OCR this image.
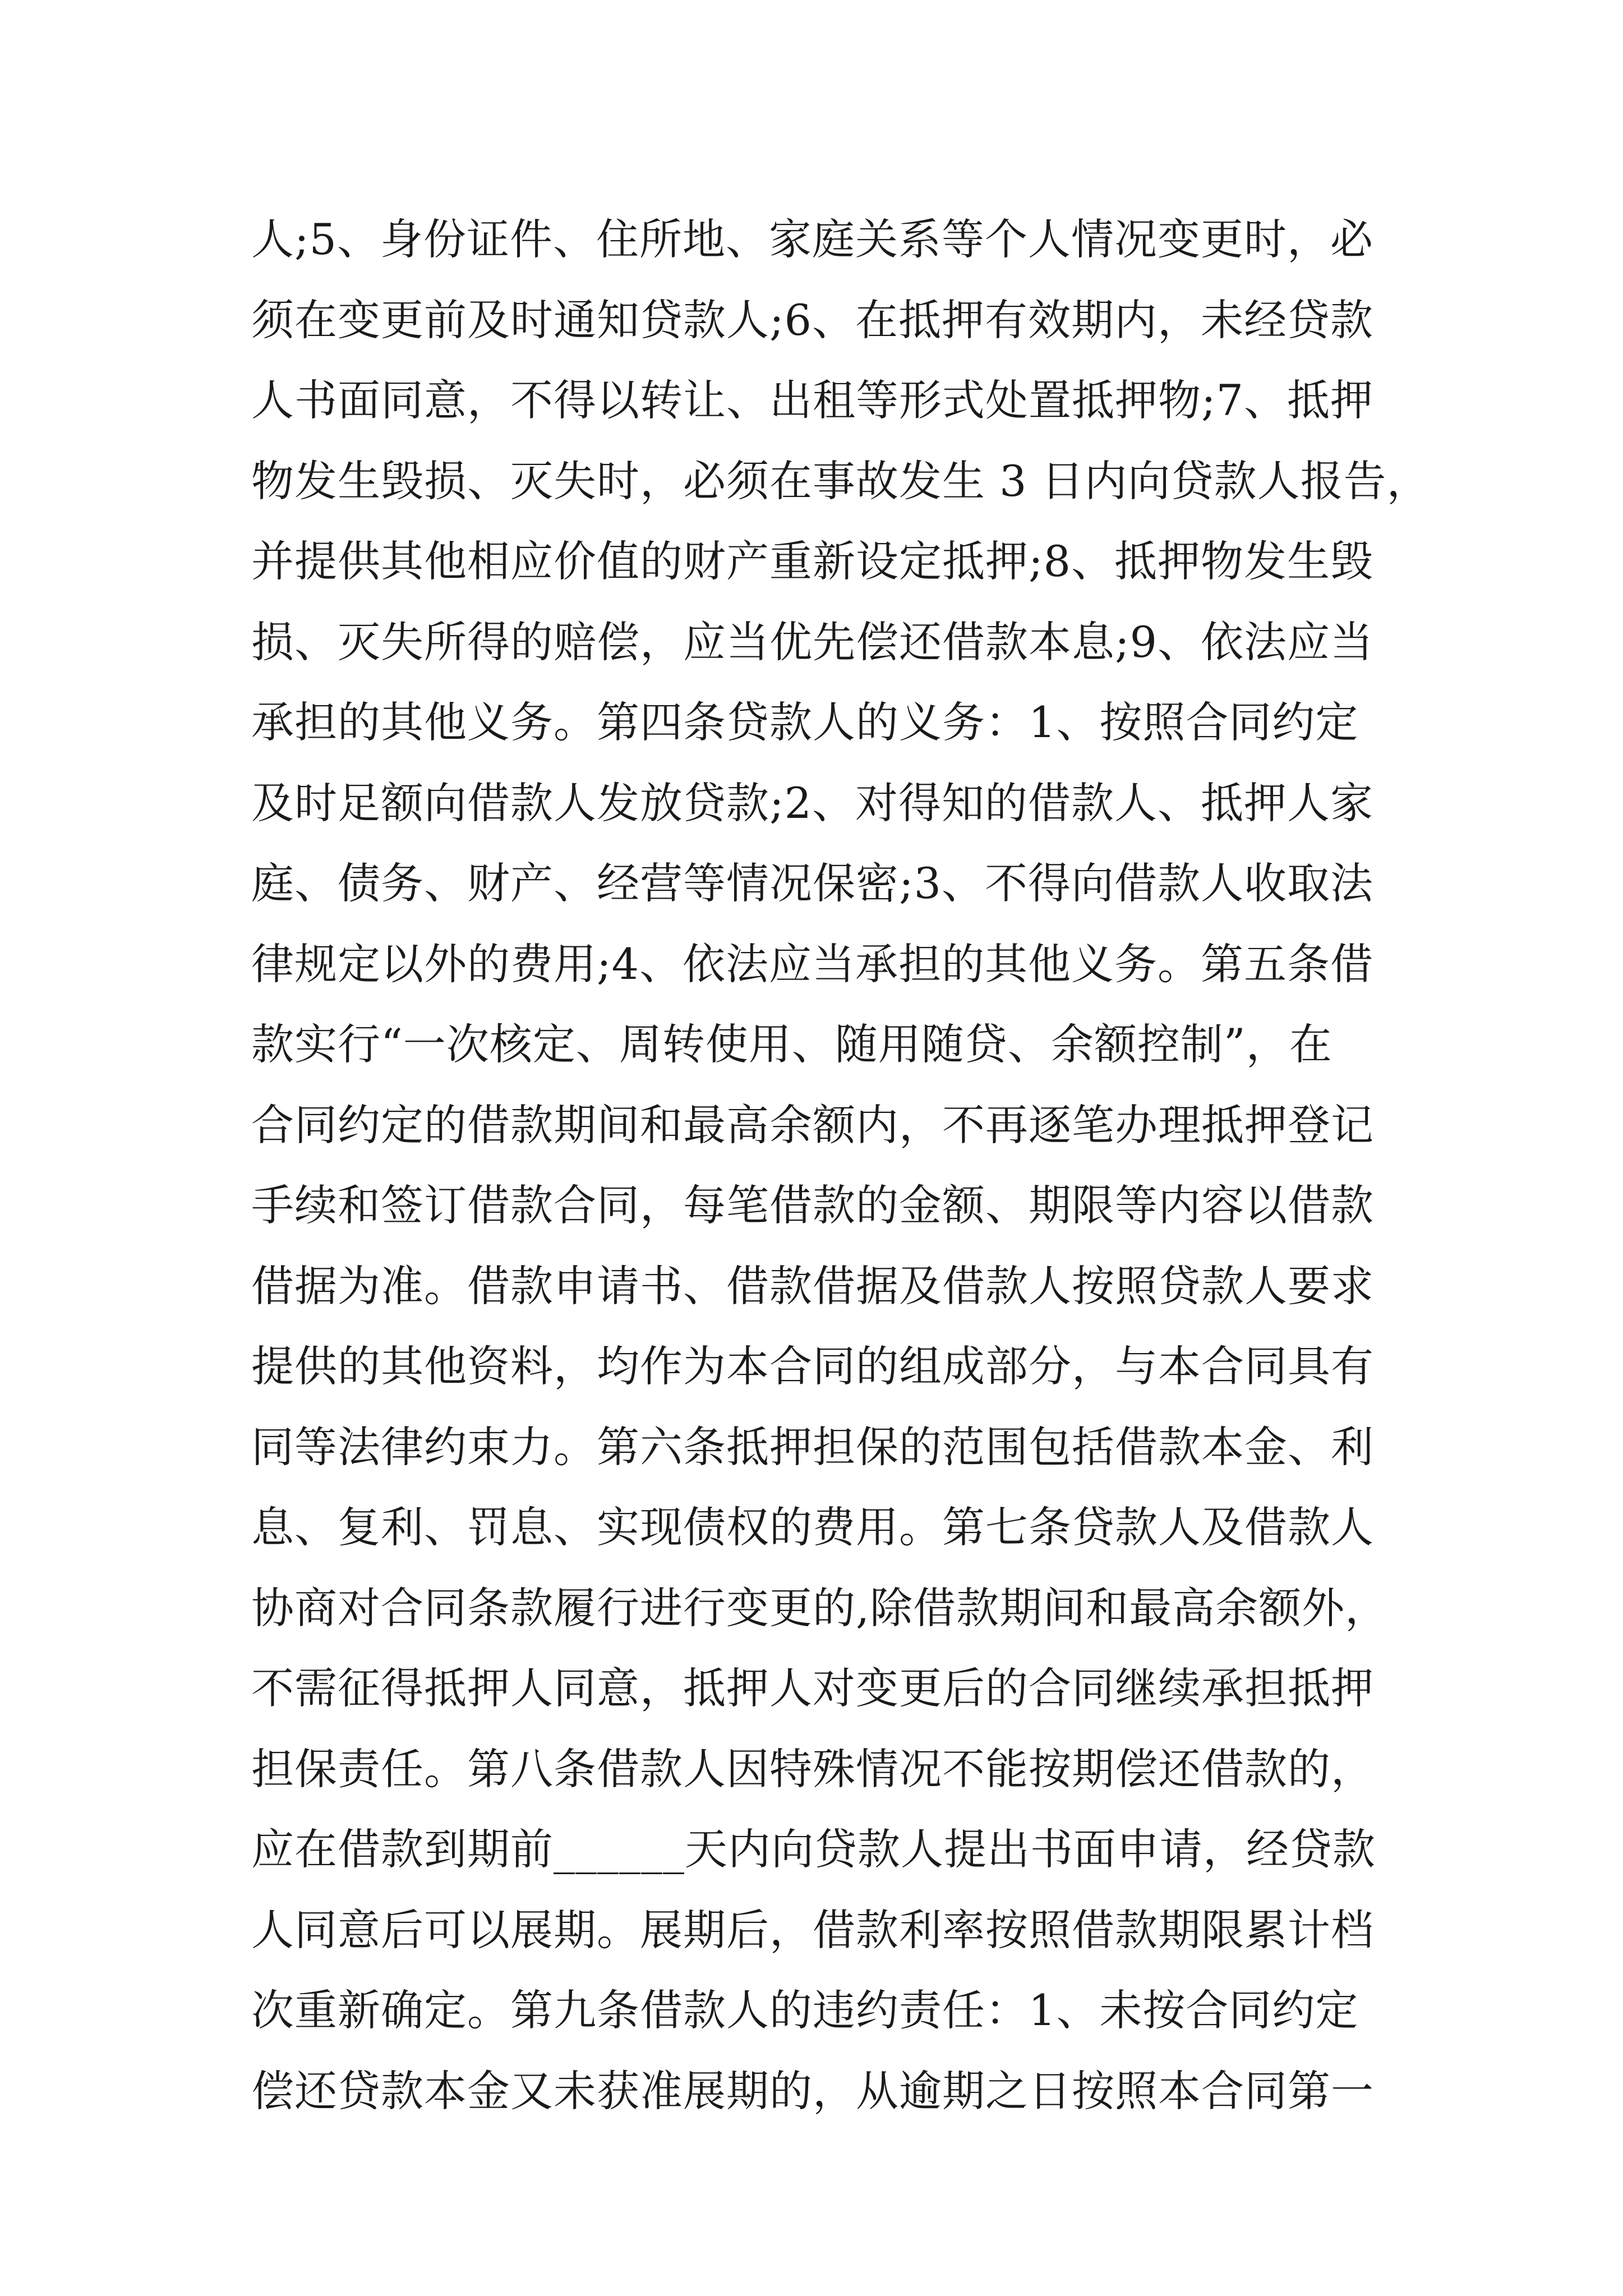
人;5、身份证件、住所地、家庭关系等个人情况变更时，必
须在变更前及时通知贷款人;6、在抵押有效期内，未经贷款
人书面同意，不得以转让、出租等形式处置抵押物;7、抵押
物发生毁损、灭失时，必须在事故发生 3 日内向贷款人报告，
并提供其他相应价值的财产重新设定抵押;8、抵押物发生毁
损、灭失所得的赔偿，应当优先偿还借款本息;9、依法应当
承担的其他义务。第四条贷款人的义务：1、按照合同约定
及时足额向借款人发放贷款;2、对得知的借款人、抵押人家
庭、债务、财产、经营等情况保密;3、不得向借款人收取法
律规定以外的费用;4、依法应当承担的其他义务。第五条借
款实行“一次核定、周转使用、随用随贷、余额控制”，在
合同约定的借款期间和最高余额内，不再逐笔办理抵押登记
手续和签订借款合同，每笔借款的金额、期限等内容以借款
借据为准。借款申请书、借款借据及借款人按照贷款人要求
提供的其他资料，均作为本合同的组成部分，与本合同具有
同等法律约束力。第六条抵押担保的范围包括借款本金、利
息、复利、罚息、实现债权的费用。第七条贷款人及借款人
协商对合同条款履行进行变更的,除借款期间和最高余额外，
不需征得抵押人同意，抵押人对变更后的合同继续承担抵押
担保责任。第八条借款人因特殊情况不能按期偿还借款的，
应在借款到期前______天内向贷款人提出书面申请，经贷款
人同意后可以展期。展期后，借款利率按照借款期限累计档
次重新确定。第九条借款人的违约责任：1、未按合同约定
偿还贷款本金又未获准展期的，从逾期之日按照本合同第一
